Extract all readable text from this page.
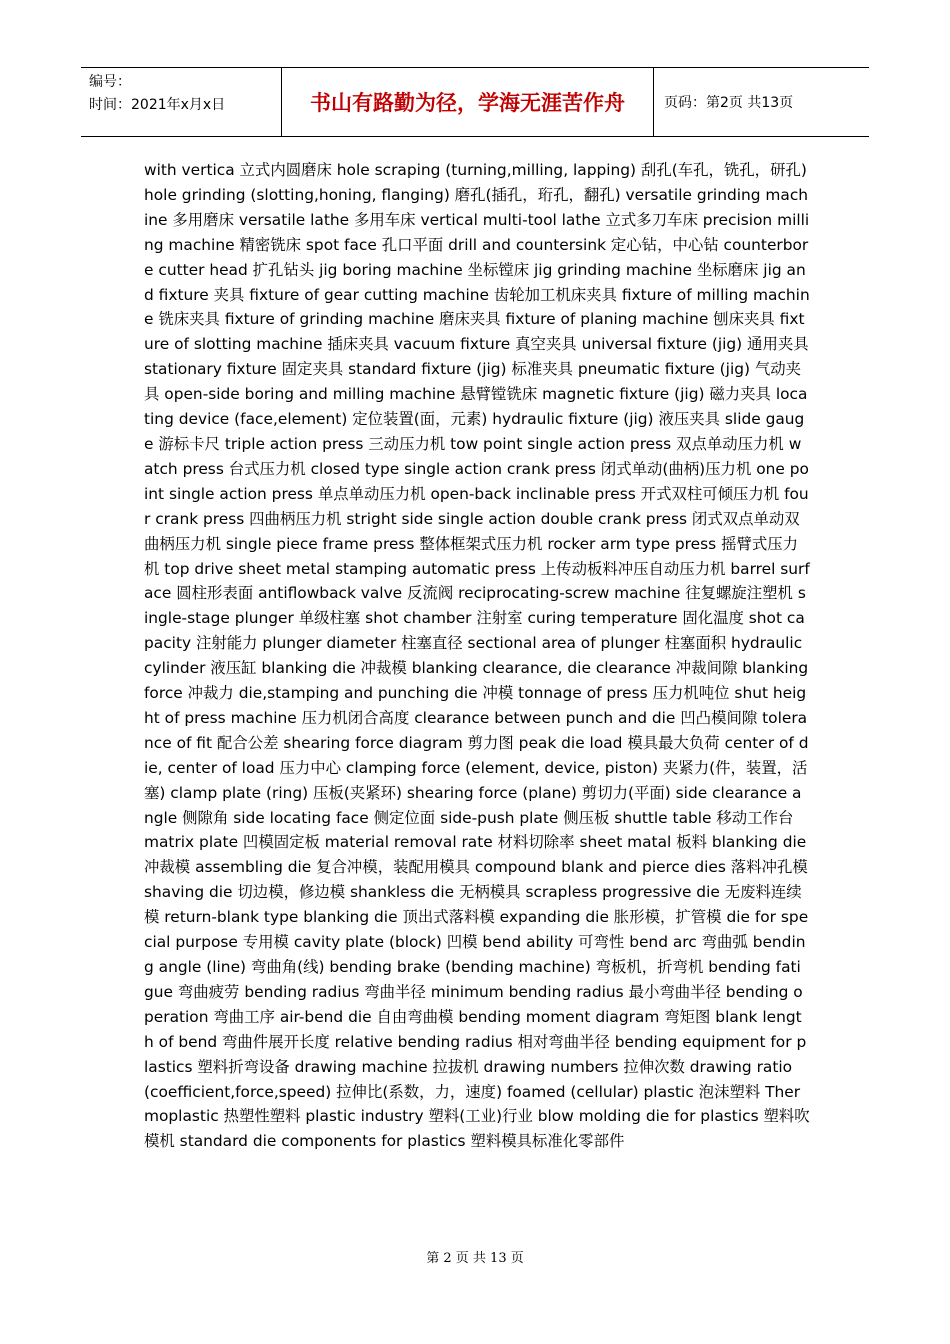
编号：
时间：2021年x月x日	书山有路勤为径，学海无涯苦作舟	页码：第2页 共13页
with vertica 立式内圆磨床 hole scraping (turning,milling, lapping) 刮孔(车孔，铣孔，研孔) hole grinding (slotting,honing, flanging) 磨孔(插孔，珩孔，翻孔) versatile grinding machine 多用磨床 versatile lathe 多用车床 vertical multi-tool lathe 立式多刀车床 precision milling machine 精密铣床 spot face 孔口平面 drill and countersink 定心钻，中心钻 counterbore cutter head 扩孔钻头 jig boring machine 坐标镗床 jig grinding machine 坐标磨床 jig and fixture 夹具 fixture of gear cutting machine 齿轮加工机床夹具 fixture of milling machine 铣床夹具 fixture of grinding machine 磨床夹具 fixture of planing machine 刨床夹具 fixture of slotting machine 插床夹具 vacuum fixture 真空夹具 universal fixture (jig) 通用夹具 stationary fixture 固定夹具 standard fixture (jig) 标准夹具 pneumatic fixture (jig) 气动夹具 open-side boring and milling machine 悬臂镗铣床 magnetic fixture (jig) 磁力夹具 locating device (face,element) 定位装置(面，元素) hydraulic fixture (jig) 液压夹具 slide gauge 游标卡尺 triple action press 三动压力机 tow point single action press 双点单动压力机 watch press 台式压力机 closed type single action crank press 闭式单动(曲柄)压力机 one point single action press 单点单动压力机 open-back inclinable press 开式双柱可倾压力机 four crank press 四曲柄压力机 stright side single action double crank press 闭式双点单动双曲柄压力机 single piece frame press 整体框架式压力机 rocker arm type press 摇臂式压力机 top drive sheet metal stamping automatic press 上传动板料冲压自动压力机 barrel surface 圆柱形表面 antiflowback valve 反流阀 reciprocating-screw machine 往复螺旋注塑机 single-stage plunger 单级柱塞 shot chamber 注射室 curing temperature 固化温度 shot capacity 注射能力 plunger diameter 柱塞直径 sectional area of plunger 柱塞面积 hydraulic cylinder 液压缸 blanking die 冲裁模 blanking clearance, die clearance 冲裁间隙 blanking force 冲裁力 die,stamping and punching die 冲模 tonnage of press 压力机吨位 shut height of press machine 压力机闭合高度 clearance between punch and die 凹凸模间隙 tolerance of fit 配合公差 shearing force diagram 剪力图 peak die load 模具最大负荷 center of die, center of load 压力中心 clamping force (element, device, piston) 夹紧力(件，装置，活塞) clamp plate (ring) 压板(夹紧环) shearing force (plane) 剪切力(平面) side clearance angle 侧隙角 side locating face 侧定位面 side-push plate 侧压板 shuttle table 移动工作台 matrix plate 凹模固定板 material removal rate 材料切除率 sheet matal 板料 blanking die 冲裁模 assembling die 复合冲模，装配用模具 compound blank and pierce dies 落料冲孔模 shaving die 切边模，修边模 shankless die 无柄模具 scrapless progressive die 无废料连续模 return-blank type blanking die 顶出式落料模 expanding die 胀形模，扩管模 die for special purpose 专用模 cavity plate (block) 凹模 bend ability 可弯性 bend arc 弯曲弧 bending angle (line) 弯曲角(线) bending brake (bending machine) 弯板机，折弯机 bending fatigue 弯曲疲劳 bending radius 弯曲半径 minimum bending radius 最小弯曲半径 bending operation 弯曲工序 air-bend die 自由弯曲模 bending moment diagram 弯矩图 blank length of bend 弯曲件展开长度 relative bending radius 相对弯曲半径 bending equipment for plastics 塑料折弯设备 drawing machine 拉拔机 drawing numbers 拉伸次数 drawing ratio (coefficient,force,speed) 拉伸比(系数，力，速度) foamed (cellular) plastic 泡沫塑料 Thermoplastic 热塑性塑料 plastic industry 塑料(工业)行业 blow molding die for plastics 塑料吹模机 standard die components for plastics 塑料模具标准化零部件
第 2 页 共 13 页
